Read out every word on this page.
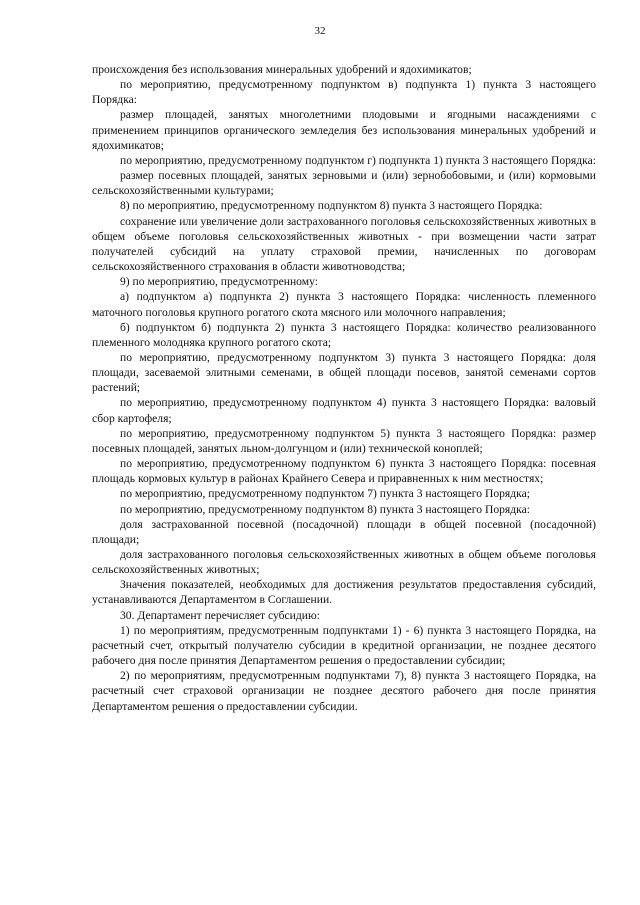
32

происхождения без использования минеральных удобрений и ядохимикатов;

по мероприятию, предусмотренному подпунктом в) подпункта 1) пункта 3 настоящего Порядка:

размер площадей, занятых многолетними плодовыми и ягодными насаждениями с применением принципов органического земледелия без использования минеральных удобрений и ядохимикатов;

по мероприятию, предусмотренному подпунктом г) подпункта 1) пункта 3 настоящего Порядка:

размер посевных площадей, занятых зерновыми и (или) зернобобовыми, и (или) кормовыми сельскохозяйственными культурами;

8) по мероприятию, предусмотренному подпунктом 8) пункта 3 настоящего Порядка:

сохранение или увеличение доли застрахованного поголовья сельскохозяйственных животных в общем объеме поголовья сельскохозяйственных животных - при возмещении части затрат получателей субсидий на уплату страховой премии, начисленных по договорам сельскохозяйственного страхования в области животноводства;

9) по мероприятию, предусмотренному:

а) подпунктом а) подпункта 2) пункта 3 настоящего Порядка: численность племенного маточного поголовья крупного рогатого скота мясного или молочного направления;

б) подпунктом б) подпункта 2) пункта 3 настоящего Порядка: количество реализованного племенного молодняка крупного рогатого скота;

по мероприятию, предусмотренному подпунктом 3) пункта 3 настоящего Порядка: доля площади, засеваемой элитными семенами, в общей площади посевов, занятой семенами сортов растений;

по мероприятию, предусмотренному подпунктом 4) пункта 3 настоящего Порядка: валовый сбор картофеля;

по мероприятию, предусмотренному подпунктом 5) пункта 3 настоящего Порядка: размер посевных площадей, занятых льном-долгунцом и (или) технической коноплей;

по мероприятию, предусмотренному подпунктом 6) пункта 3 настоящего Порядка: посевная площадь кормовых культур в районах Крайнего Севера и приравненных к ним местностях;

по мероприятию, предусмотренному подпунктом 7) пункта 3 настоящего Порядка;

по мероприятию, предусмотренному подпунктом 8) пункта 3 настоящего Порядка:

доля застрахованной посевной (посадочной) площади в общей посевной (посадочной) площади;

доля застрахованного поголовья сельскохозяйственных животных в общем объеме поголовья сельскохозяйственных животных;

Значения показателей, необходимых для достижения результатов предоставления субсидий, устанавливаются Департаментом в Соглашении.

30. Департамент перечисляет субсидию:

1) по мероприятиям, предусмотренным подпунктами 1) - 6) пункта 3 настоящего Порядка, на расчетный счет, открытый получателю субсидии в кредитной организации, не позднее десятого рабочего дня после принятия Департаментом решения о предоставлении субсидии;

2) по мероприятиям, предусмотренным подпунктами 7), 8) пункта 3 настоящего Порядка, на расчетный счет страховой организации не позднее десятого рабочего дня после принятия Департаментом решения о предоставлении субсидии.
